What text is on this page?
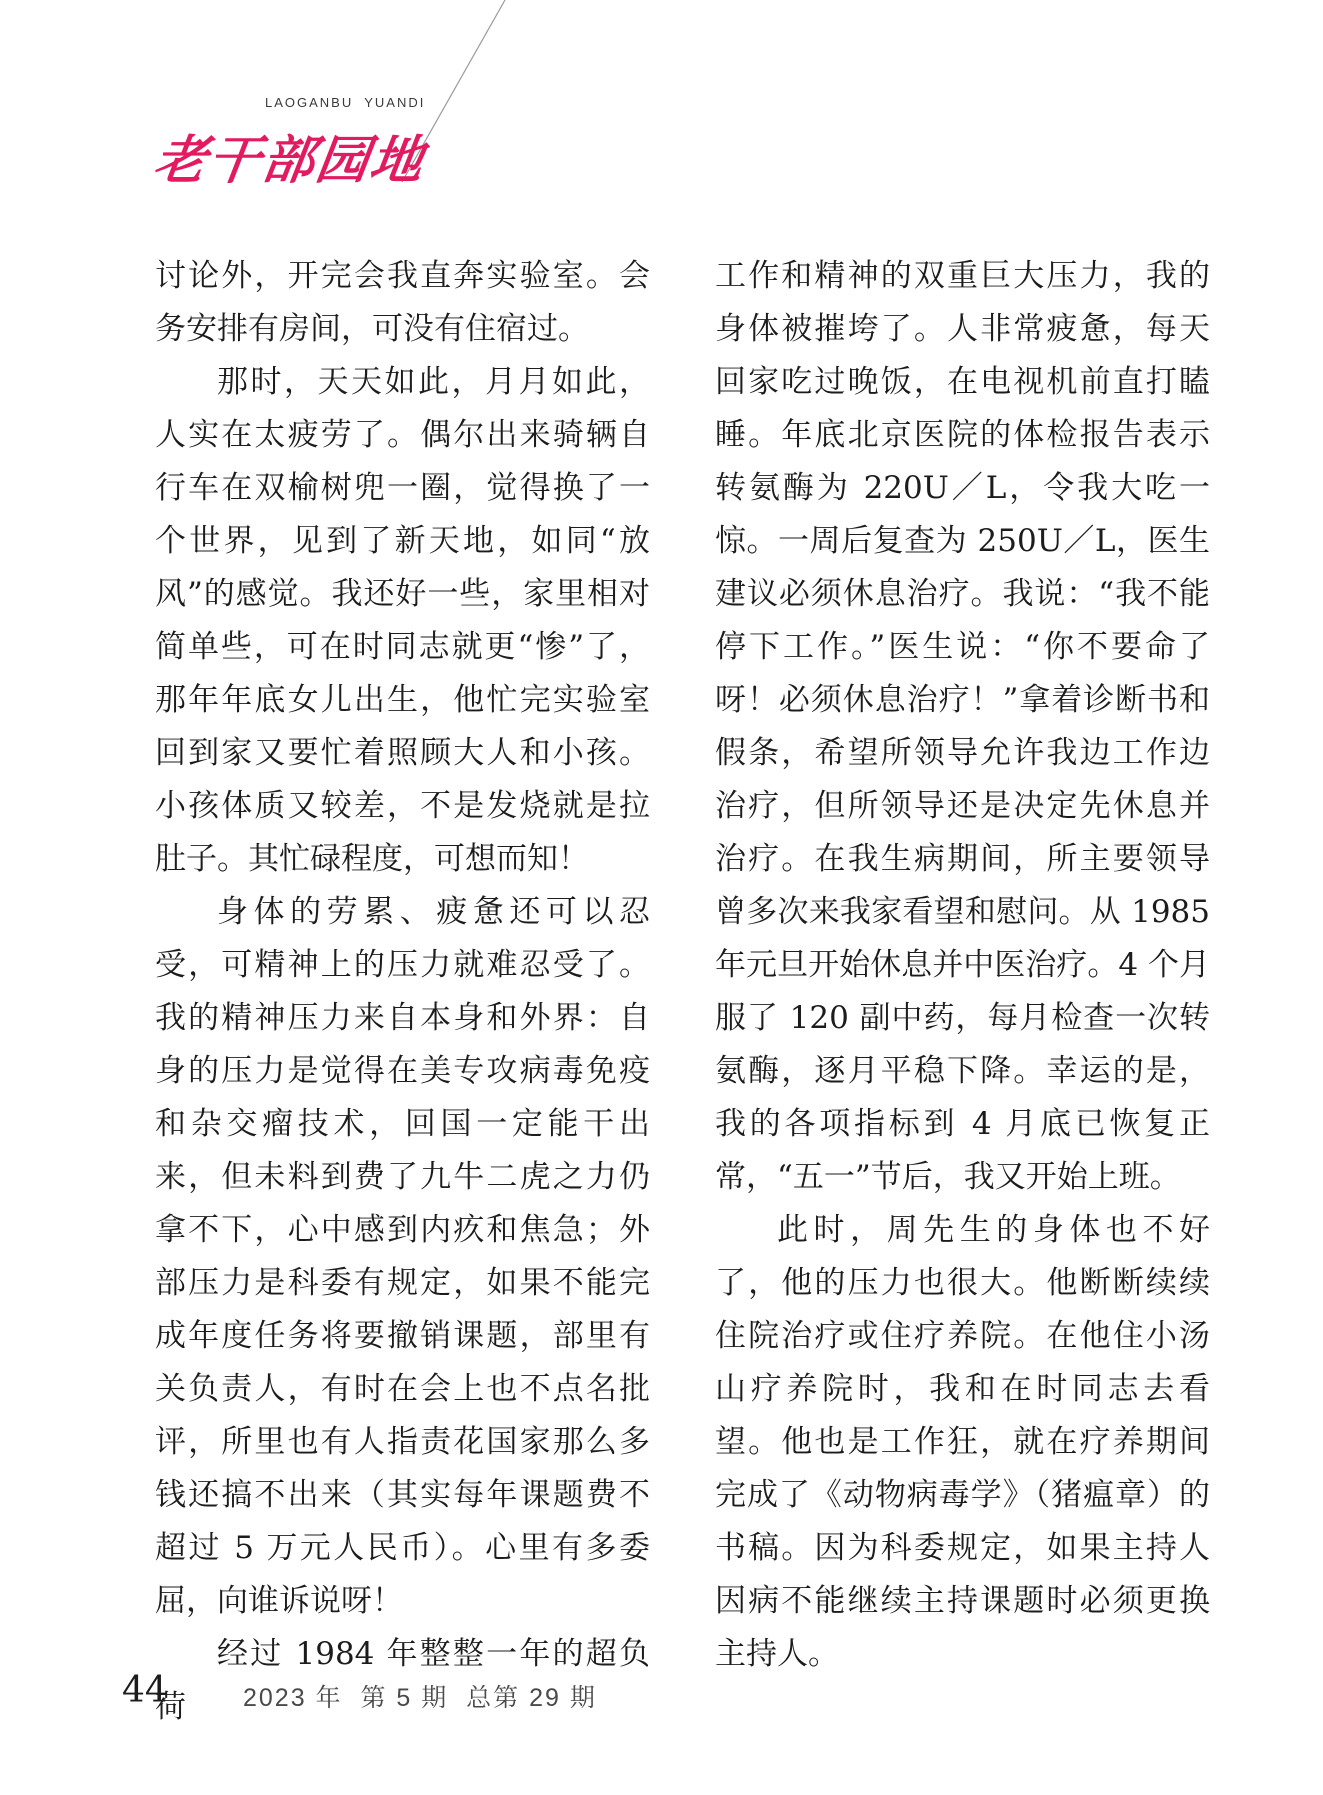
LAOGANBU  YUANDI
老干部园地

讨论外，开完会我直奔实验室。会务安排有房间，可没有住宿过。

那时，天天如此，月月如此，人实在太疲劳了。偶尔出来骑辆自行车在双榆树兜一圈，觉得换了一个世界，见到了新天地，如同“放风”的感觉。我还好一些，家里相对简单些，可在时同志就更“惨”了，那年年底女儿出生，他忙完实验室回到家又要忙着照顾大人和小孩。小孩体质又较差，不是发烧就是拉肚子。其忙碌程度，可想而知！

身体的劳累、疲惫还可以忍受，可精神上的压力就难忍受了。我的精神压力来自本身和外界：自身的压力是觉得在美专攻病毒免疫和杂交瘤技术，回国一定能干出来，但未料到费了九牛二虎之力仍拿不下，心中感到内疚和焦急；外部压力是科委有规定，如果不能完成年度任务将要撤销课题，部里有关负责人，有时在会上也不点名批评，所里也有人指责花国家那么多钱还搞不出来（其实每年课题费不超过 5 万元人民币）。心里有多委屈，向谁诉说呀！

经过 1984 年整整一年的超负荷

工作和精神的双重巨大压力，我的身体被摧垮了。人非常疲惫，每天回家吃过晚饭，在电视机前直打瞌睡。年底北京医院的体检报告表示转氨酶为 220U／L，令我大吃一惊。一周后复查为 250U／L，医生建议必须休息治疗。我说：“我不能停下工作。”医生说：“你不要命了呀！必须休息治疗！”拿着诊断书和假条，希望所领导允许我边工作边治疗，但所领导还是决定先休息并治疗。在我生病期间，所主要领导曾多次来我家看望和慰问。从 1985 年元旦开始休息并中医治疗。4 个月服了 120 副中药，每月检查一次转氨酶，逐月平稳下降。幸运的是，我的各项指标到 4 月底已恢复正常，“五一”节后，我又开始上班。

此时，周先生的身体也不好了，他的压力也很大。他断断续续住院治疗或住疗养院。在他住小汤山疗养院时，我和在时同志去看望。他也是工作狂，就在疗养期间完成了《动物病毒学》（猪瘟章）的书稿。因为科委规定，如果主持人因病不能继续主持课题时必须更换主持人。

44	2023 年  第 5 期  总第 29 期
